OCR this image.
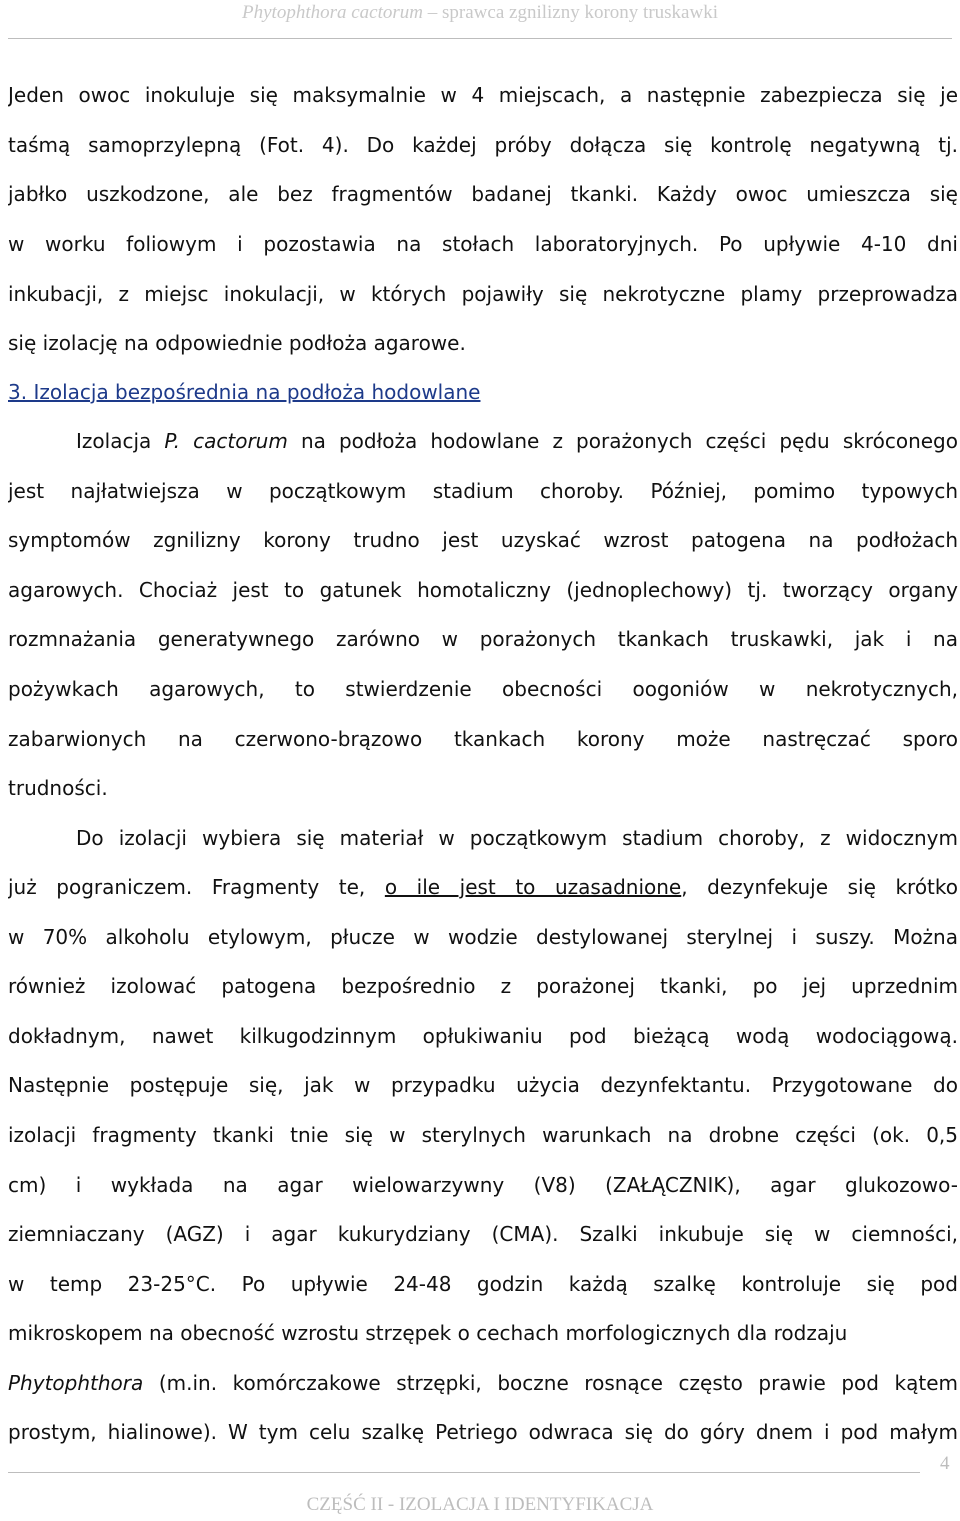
Phytophthora cactorum – sprawca zgnilizny korony truskawki
Jeden owoc inokuluje się maksymalnie w 4 miejscach, a następnie zabezpiecza się je
taśmą samoprzylepną (Fot. 4). Do każdej próby dołącza się kontrolę negatywną tj.
jabłko uszkodzone, ale bez fragmentów badanej tkanki. Każdy owoc umieszcza się
w worku foliowym i pozostawia na stołach laboratoryjnych. Po upływie 4-10 dni
inkubacji, z miejsc inokulacji, w których pojawiły się nekrotyczne plamy przeprowadza
się izolację na odpowiednie podłoża agarowe.
3. Izolacja bezpośrednia na podłoża hodowlane
Izolacja P. cactorum na podłoża hodowlane z porażonych części pędu skróconego
jest najłatwiejsza w początkowym stadium choroby. Później, pomimo typowych
symptomów zgnilizny korony trudno jest uzyskać wzrost patogena na podłożach
agarowych. Chociaż jest to gatunek homotaliczny (jednoplechowy) tj. tworzący organy
rozmnażania generatywnego zarówno w porażonych tkankach truskawki, jak i na
pożywkach agarowych, to stwierdzenie obecności oogoniów w nekrotycznych,
zabarwionych na czerwono-brązowo tkankach korony może nastręczać sporo
trudności.
Do izolacji wybiera się materiał w początkowym stadium choroby, z widocznym
już pograniczem. Fragmenty te, o ile jest to uzasadnione, dezynfekuje się krótko
w 70% alkoholu etylowym, płucze w wodzie destylowanej sterylnej i suszy. Można
również izolować patogena bezpośrednio z porażonej tkanki, po jej uprzednim
dokładnym, nawet kilkugodzinnym opłukiwaniu pod bieżącą wodą wodociągową.
Następnie postępuje się, jak w przypadku użycia dezynfektantu. Przygotowane do
izolacji fragmenty tkanki tnie się w sterylnych warunkach na drobne części (ok. 0,5
cm) i wykłada na agar wielowarzywny (V8) (ZAŁĄCZNIK), agar glukozowo-
ziemniaczany (AGZ) i agar kukurydziany (CMA). Szalki inkubuje się w ciemności,
w temp 23-25°C. Po upływie 24-48 godzin każdą szalkę kontroluje się pod
mikroskopem na obecność wzrostu strzępek o cechach morfologicznych dla rodzaju
Phytophthora (m.in. komórczakowe strzępki, boczne rosnące często prawie pod kątem
prostym, hialinowe). W tym celu szalkę Petriego odwraca się do góry dnem i pod małym
4
CZĘŚĆ II - IZOLACJA I IDENTYFIKACJA
